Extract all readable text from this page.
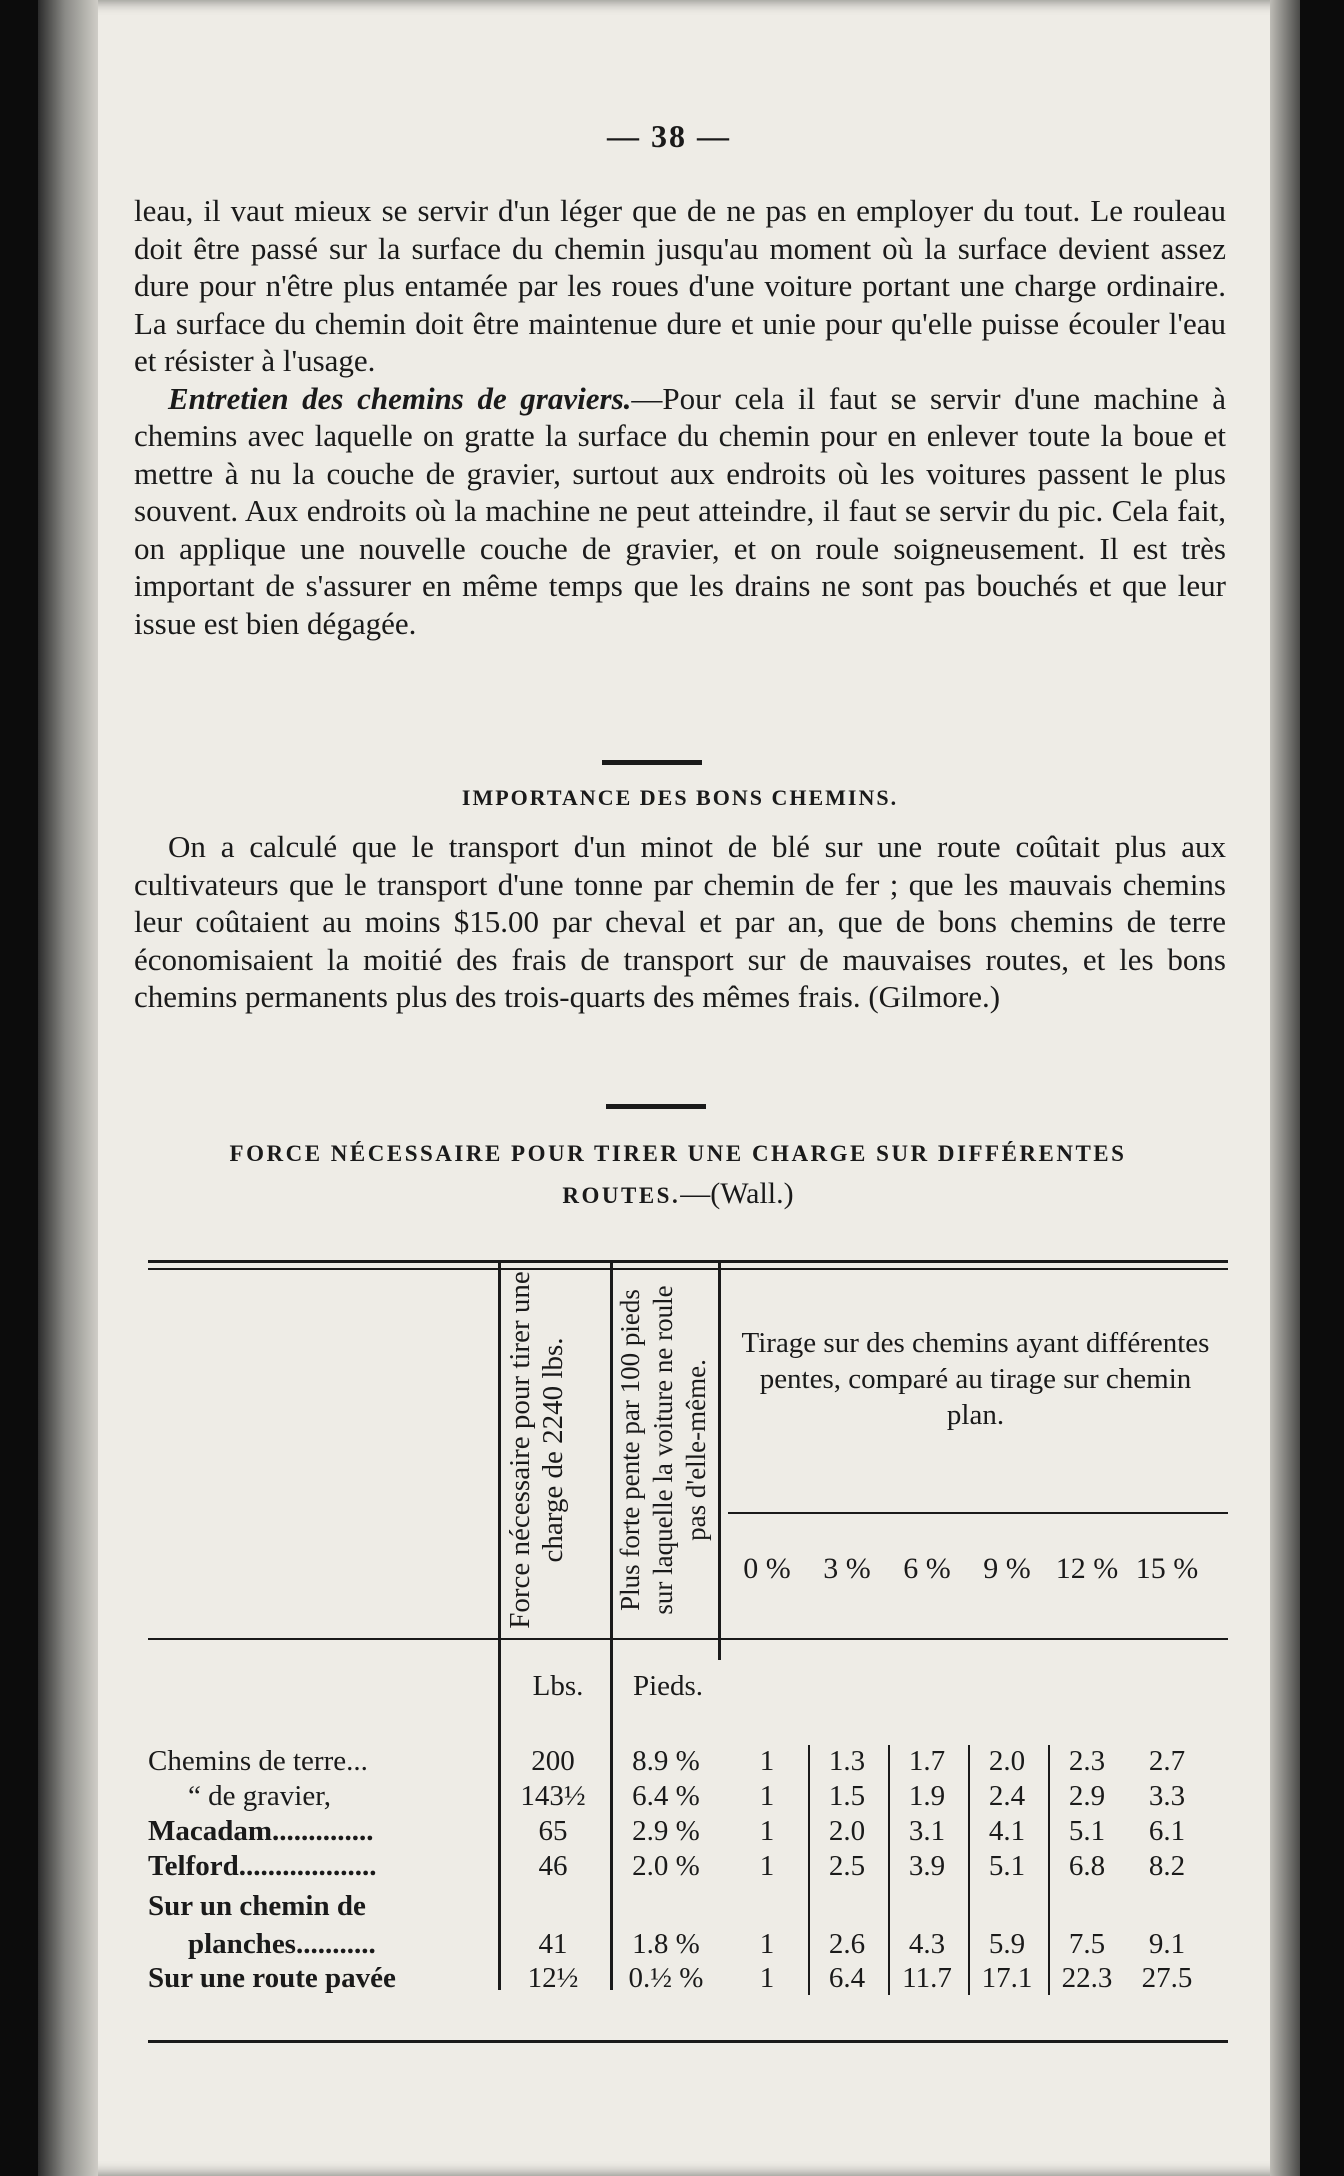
— 38 —

leau, il vaut mieux se servir d'un léger que de ne pas en employer du tout. Le rouleau doit être passé sur la surface du chemin jusqu'au moment où la surface devient assez dure pour n'être plus entamée par les roues d'une voiture portant une charge ordinaire. La surface du chemin doit être maintenue dure et unie pour qu'elle puisse écouler l'eau et résister à l'usage.

Entretien des chemins de graviers.—Pour cela il faut se servir d'une machine à chemins avec laquelle on gratte la surface du chemin pour en enlever toute la boue et mettre à nu la couche de gravier, surtout aux endroits où les voitures passent le plus souvent. Aux endroits où la machine ne peut atteindre, il faut se servir du pic. Cela fait, on applique une nouvelle couche de gravier, et on roule soigneusement. Il est très important de s'assurer en même temps que les drains ne sont pas bouchés et que leur issue est bien dégagée.

IMPORTANCE DES BONS CHEMINS.

On a calculé que le transport d'un minot de blé sur une route coûtait plus aux cultivateurs que le transport d'une tonne par chemin de fer ; que les mauvais chemins leur coûtaient au moins $15.00 par cheval et par an, que de bons chemins de terre économisaient la moitié des frais de transport sur de mauvaises routes, et les bons chemins permanents plus des trois-quarts des mêmes frais. (Gilmore.)

FORCE NÉCESSAIRE POUR TIRER UNE CHARGE SUR DIFFÉRENTES
ROUTES.—(Wall.)
Force nécessaire pour tirer une charge de 2240 lbs. Plus forte pente par 100 pieds sur laquelle la voiture ne roule pas d'elle-même.
Tirage sur des chemins ayant différentes pentes, comparé au tirage sur chemin plan.
0 %	3 %	6 %	9 % 12 % 15 %
Lbs.	Pieds.
Chemins de terre...	200	8.9 %	1	1.3	1.7	2.0	2.3	2.7
“ de gravier,	143½	6.4 %	1	1.5	1.9	2.4	2.9	3.3
Macadam..............	65	2.9 %	1	2.0	3.1	4.1	5.1	6.1
Telford...................	46	2.0 %	1	2.5	3.9	5.1	6.8	8.2
Sur un chemin de
planches...........	41	1.8 %	1	2.6	4.3	5.9	7.5	9.1
Sur une route pavée	12½	0.½ %	1	6.4	11.7	17.1	22.3	27.5
